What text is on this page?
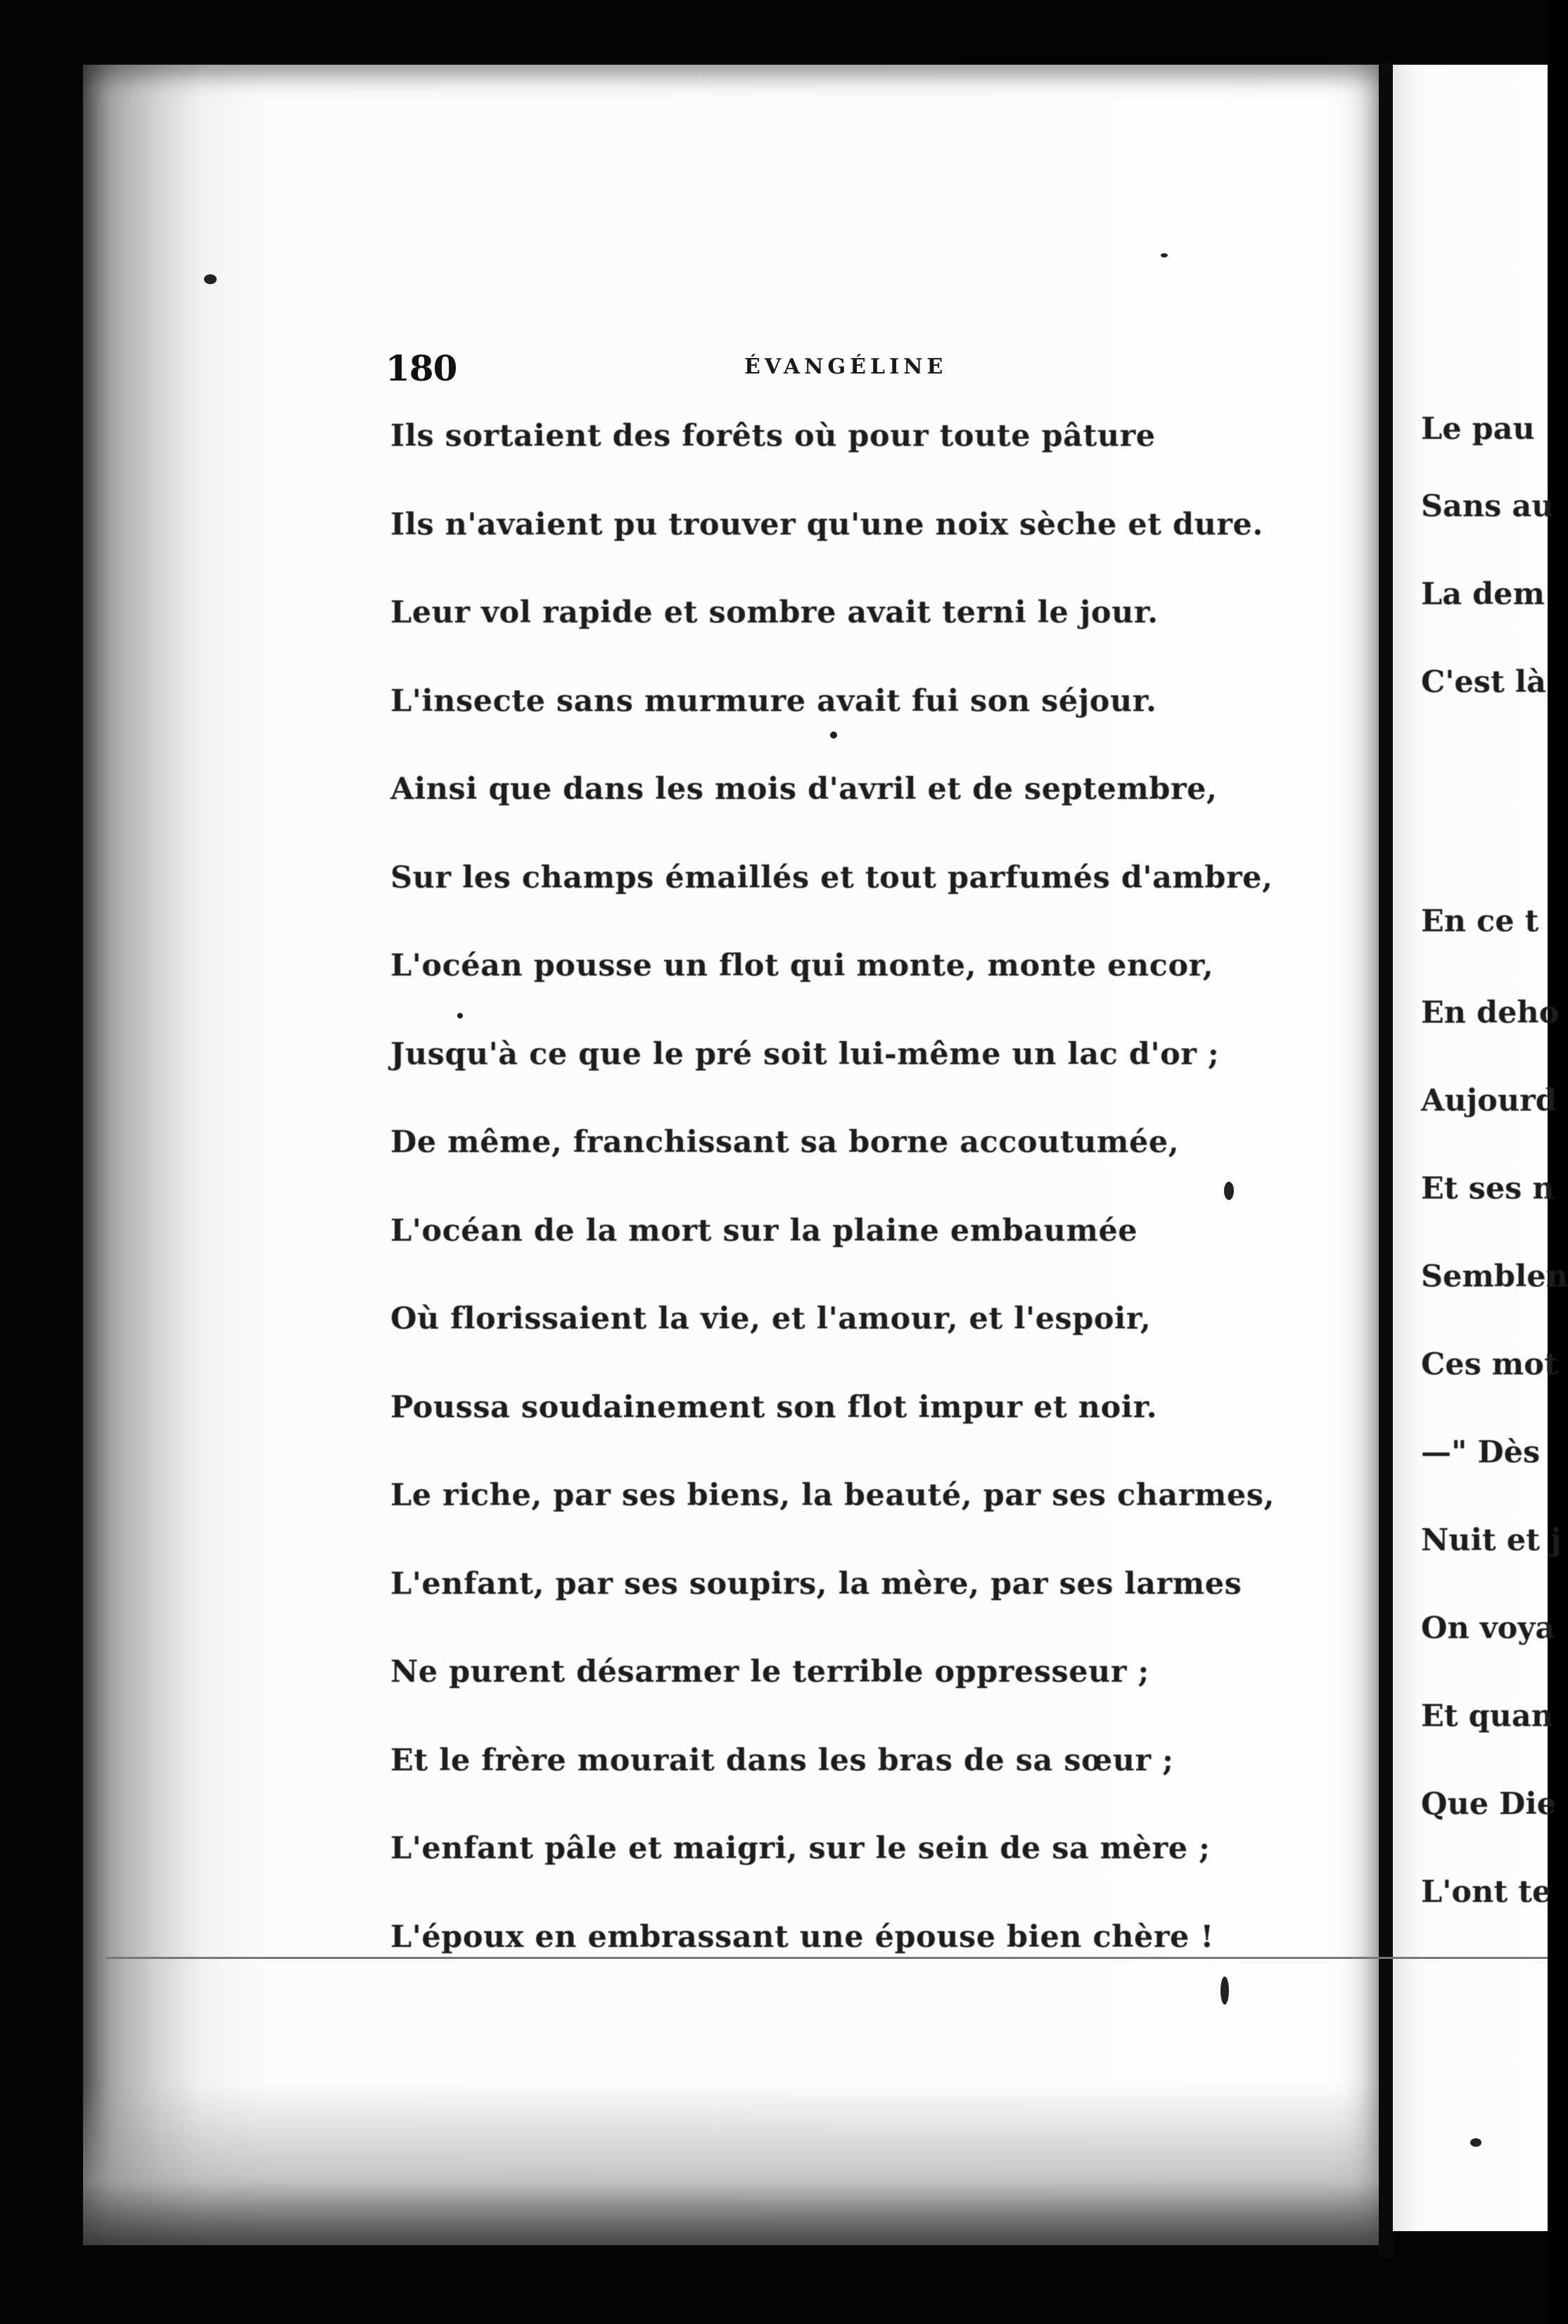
180	ÉVANGÉLINE
Ils sortaient des forêts où pour toute pâture
Ils n'avaient pu trouver qu'une noix sèche et dure.
Leur vol rapide et sombre avait terni le jour.
L'insecte sans murmure avait fui son séjour.
Ainsi que dans les mois d'avril et de septembre,
Sur les champs émaillés et tout parfumés d'ambre,
L'océan pousse un flot qui monte, monte encor,
Jusqu'à ce que le pré soit lui-même un lac d'or ;
De même, franchissant sa borne accoutumée,
L'océan de la mort sur la plaine embaumée
Où florissaient la vie, et l'amour, et l'espoir,
Poussa soudainement son flot impur et noir.
Le riche, par ses biens, la beauté, par ses charmes,
L'enfant, par ses soupirs, la mère, par ses larmes
Ne purent désarmer le terrible oppresseur ;
Et le frère mourait dans les bras de sa sœur ;
L'enfant pâle et maigri, sur le sein de sa mère ;
L'époux en embrassant une épouse bien chère !
Le pau
Sans au
La dem
C'est là
En ce t
En deho
Aujourd
Et ses n
Semblen
Ces mot
—" Dès
Nuit et j
On voya
Et quan
Que Die
L'ont te
